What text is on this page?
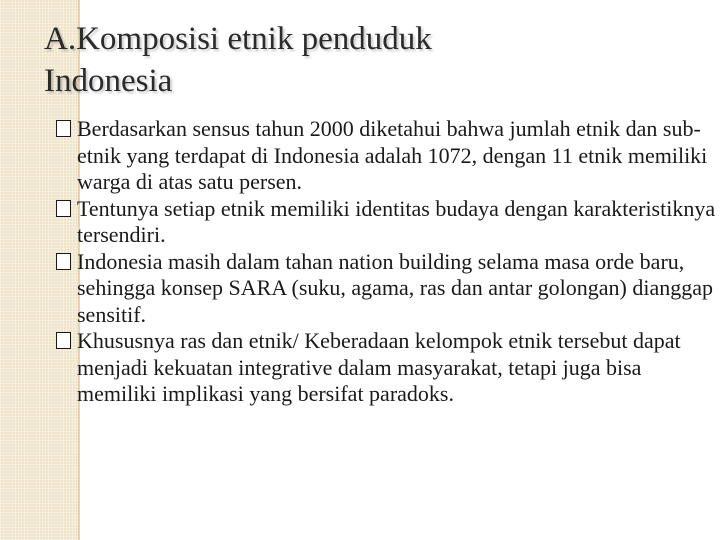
A.Komposisi etnik penduduk
Indonesia
Berdasarkan sensus tahun 2000 diketahui bahwa jumlah etnik dan sub-etnik yang terdapat di Indonesia adalah 1072, dengan 11 etnik memiliki warga di atas satu persen.
Tentunya setiap etnik memiliki identitas budaya dengan karakteristiknya tersendiri.
Indonesia masih dalam tahan nation building selama masa orde baru, sehingga konsep SARA (suku, agama, ras dan antar golongan) dianggap sensitif.
Khususnya ras dan etnik/ Keberadaan kelompok etnik tersebut dapat menjadi kekuatan integrative dalam masyarakat, tetapi juga bisa memiliki implikasi yang bersifat paradoks.
